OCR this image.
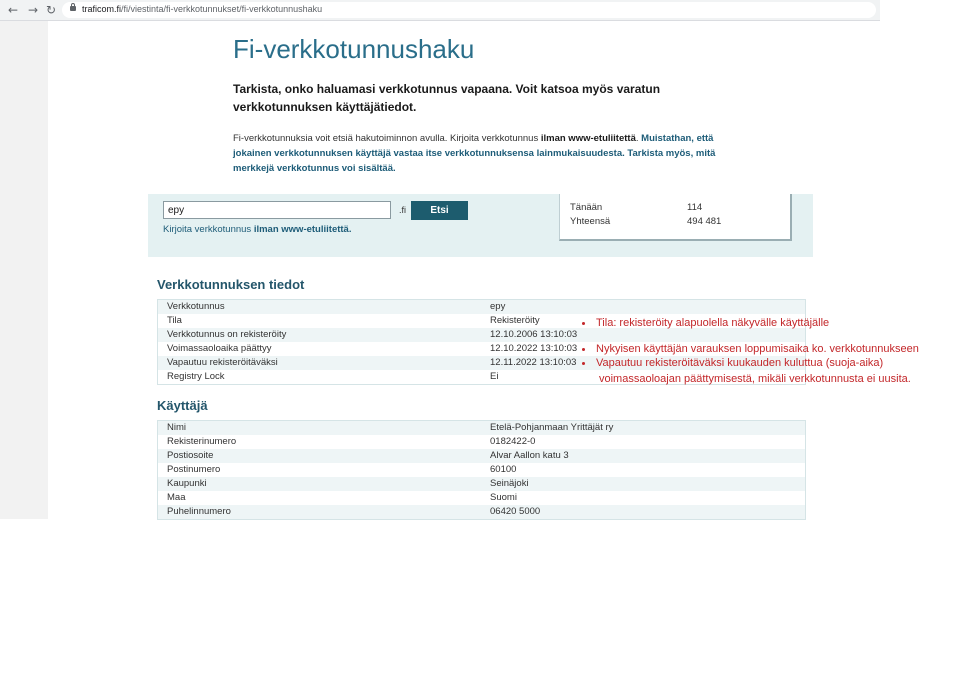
← → ↻	traficom.fi/fi/viestinta/fi-verkkotunnukset/fi-verkkotunnushaku
Fi-verkkotunnushaku
Tarkista, onko haluamasi verkkotunnus vapaana. Voit katsoa myös varatun verkkotunnuksen käyttäjätiedot.
Fi-verkkotunnuksia voit etsiä hakutoiminnon avulla. Kirjoita verkkotunnus ilman www-etuliitettä. Muistathan, että jokainen verkkotunnuksen käyttäjä vastaa itse verkkotunnuksensa lainmukaisuudesta. Tarkista myös, mitä merkkejä verkkotunnus voi sisältää.
epy	.fi	Etsi
Kirjoita verkkotunnus ilman www-etuliitettä.
Tänään	114
Yhteensä	494 481
Verkkotunnuksen tiedot
Verkkotunnus	epy
Tila	Rekisteröity
Verkkotunnus on rekisteröity	12.10.2006 13:10:03
Voimassaoloaika päättyy	12.10.2022 13:10:03
Vapautuu rekisteröitäväksi	12.11.2022 13:10:03
Registry Lock	Ei
Käyttäjä
Nimi	Etelä-Pohjanmaan Yrittäjät ry
Rekisterinumero	0182422-0
Postiosoite	Alvar Aallon katu 3
Postinumero	60100
Kaupunki	Seinäjoki
Maa	Suomi
Puhelinnumero	06420 5000
Tila: rekisteröity alapuolella näkyvälle käyttäjälle
Nykyisen käyttäjän varauksen loppumisaika ko. verkkotunnukseen
Vapautuu rekisteröitäväksi kuukauden kuluttua (suoja-aika)
voimassaoloajan päättymisestä, mikäli verkkotunnusta ei uusita.
